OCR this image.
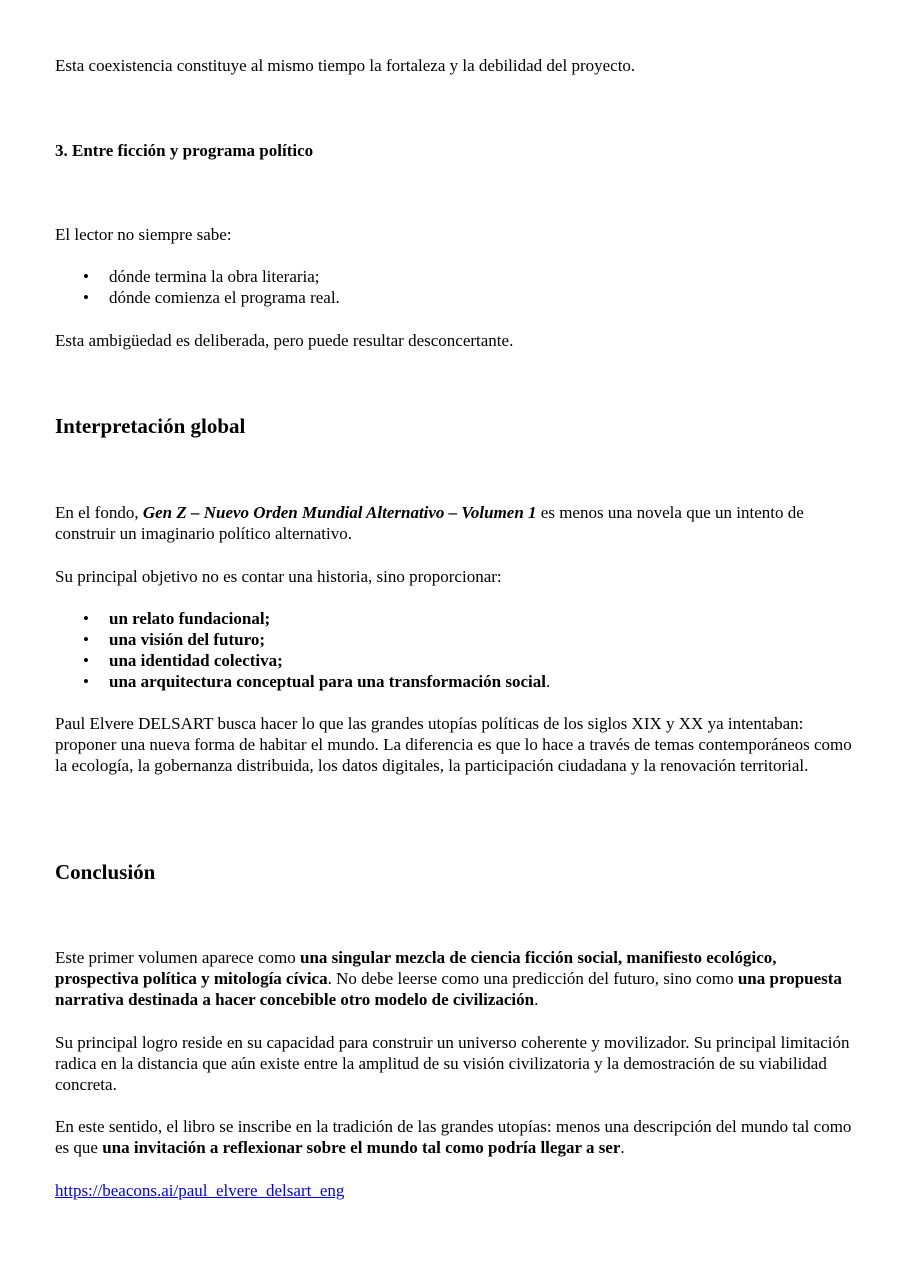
Esta coexistencia constituye al mismo tiempo la fortaleza y la debilidad del proyecto.

3. Entre ficción y programa político

El lector no siempre sabe:

• dónde termina la obra literaria;
• dónde comienza el programa real.

Esta ambigüedad es deliberada, pero puede resultar desconcertante.

Interpretación global

En el fondo, Gen Z – Nuevo Orden Mundial Alternativo – Volumen 1 es menos una novela que un intento de construir un imaginario político alternativo.

Su principal objetivo no es contar una historia, sino proporcionar:

• un relato fundacional;
• una visión del futuro;
• una identidad colectiva;
• una arquitectura conceptual para una transformación social.

Paul Elvere DELSART busca hacer lo que las grandes utopías políticas de los siglos XIX y XX ya intentaban: proponer una nueva forma de habitar el mundo. La diferencia es que lo hace a través de temas contemporáneos como la ecología, la gobernanza distribuida, los datos digitales, la participación ciudadana y la renovación territorial.

Conclusión

Este primer volumen aparece como una singular mezcla de ciencia ficción social, manifiesto ecológico, prospectiva política y mitología cívica. No debe leerse como una predicción del futuro, sino como una propuesta narrativa destinada a hacer concebible otro modelo de civilización.

Su principal logro reside en su capacidad para construir un universo coherente y movilizador. Su principal limitación radica en la distancia que aún existe entre la amplitud de su visión civilizatoria y la demostración de su viabilidad concreta.

En este sentido, el libro se inscribe en la tradición de las grandes utopías: menos una descripción del mundo tal como es que una invitación a reflexionar sobre el mundo tal como podría llegar a ser.

https://beacons.ai/paul_elvere_delsart_eng
